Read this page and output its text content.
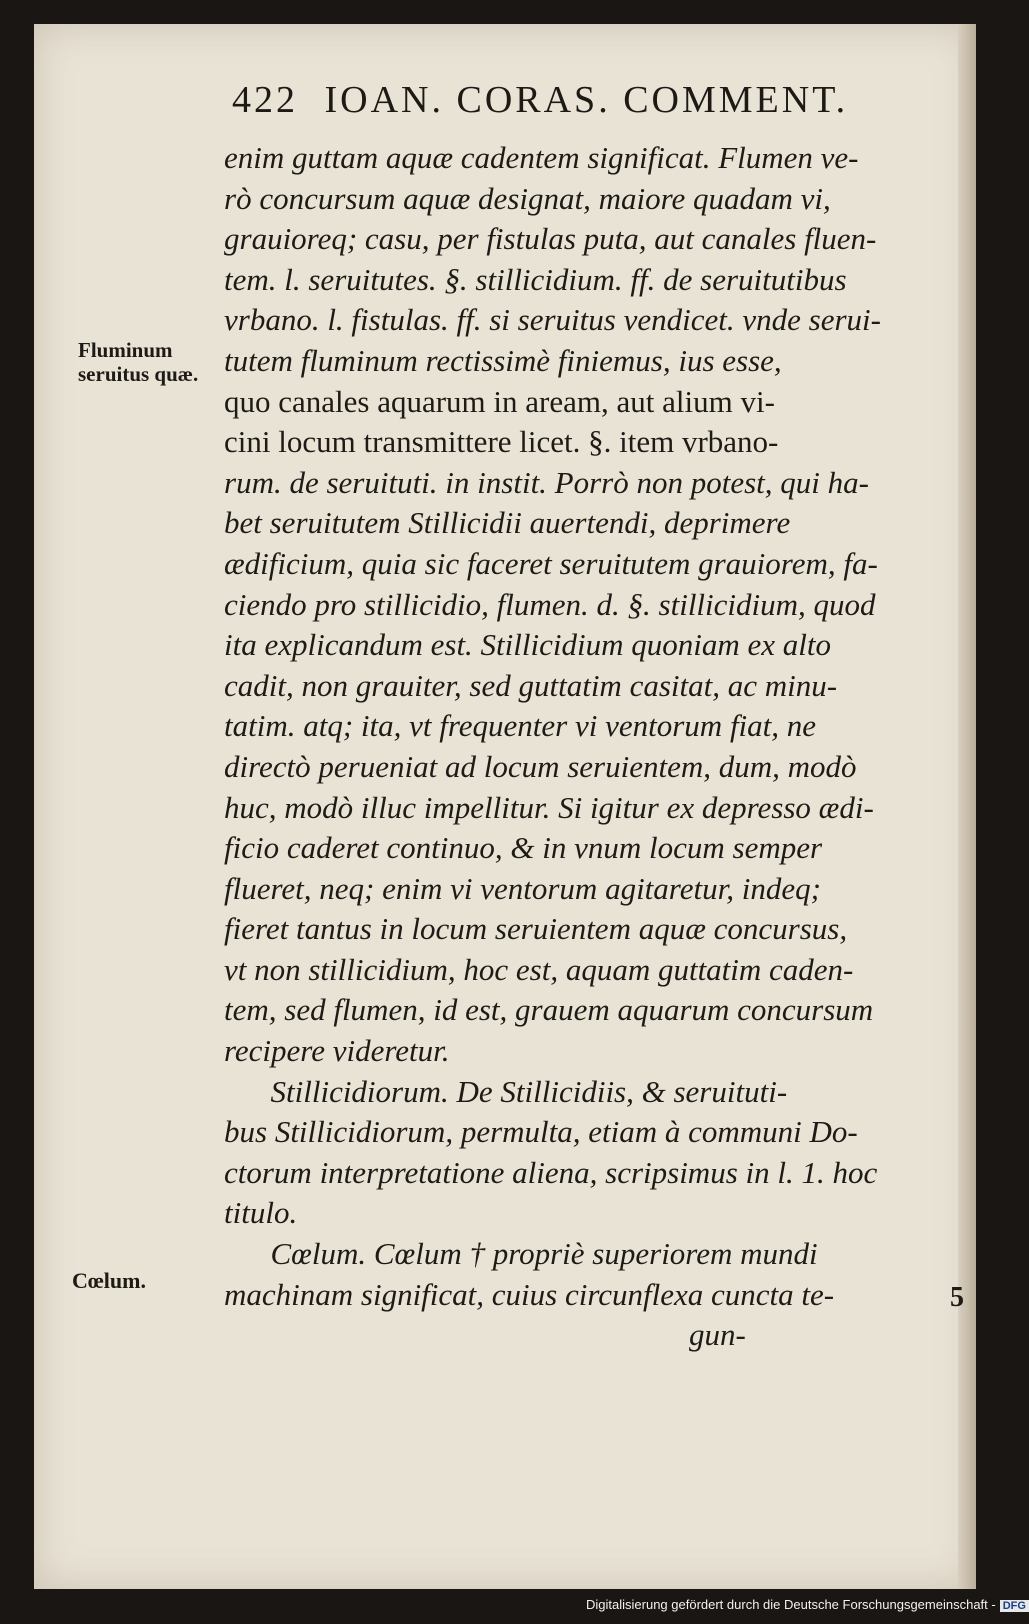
422 IOAN. CORAS. COMMENT.
Fluminum
seruitus quæ.
Cœlum.
5
enim guttam aquæ cadentem significat. Flumen ve-
rò concursum aquæ designat, maiore quadam vi,
grauioreq; casu, per fistulas puta, aut canales fluen-
tem. l. seruitutes. §. stillicidium. ff. de seruitutibus
vrbano. l. fistulas. ff. si seruitus vendicet. vnde serui-
tutem fluminum rectissimè finiemus, ius esse,
quo canales aquarum in aream, aut alium vi-
cini locum transmittere licet. §. item vrbano-
rum. de seruituti. in instit. Porrò non potest, qui ha-
bet seruitutem Stillicidii auertendi, deprimere
ædificium, quia sic faceret seruitutem grauiorem, fa-
ciendo pro stillicidio, flumen. d. §. stillicidium, quod
ita explicandum est. Stillicidium quoniam ex alto
cadit, non grauiter, sed guttatim casitat, ac minu-
tatim. atq; ita, vt frequenter vi ventorum fiat, ne
directò perueniat ad locum seruientem, dum, modò
huc, modò illuc impellitur. Si igitur ex depresso ædi-
ficio caderet continuo, & in vnum locum semper
flueret, neq; enim vi ventorum agitaretur, indeq;
fieret tantus in locum seruientem aquæ concursus,
vt non stillicidium, hoc est, aquam guttatim caden-
tem, sed flumen, id est, grauem aquarum concursum
recipere videretur.
Stillicidiorum. De Stillicidiis, & seruituti-
bus Stillicidiorum, permulta, etiam à communi Do-
ctorum interpretatione aliena, scripsimus in l. 1. hoc
titulo.
Cœlum. Cœlum † propriè superiorem mundi
machinam significat, cuius circunflexa cuncta te-
gun-
Digitalisierung gefördert durch die Deutsche Forschungsgemeinschaft - DFG
